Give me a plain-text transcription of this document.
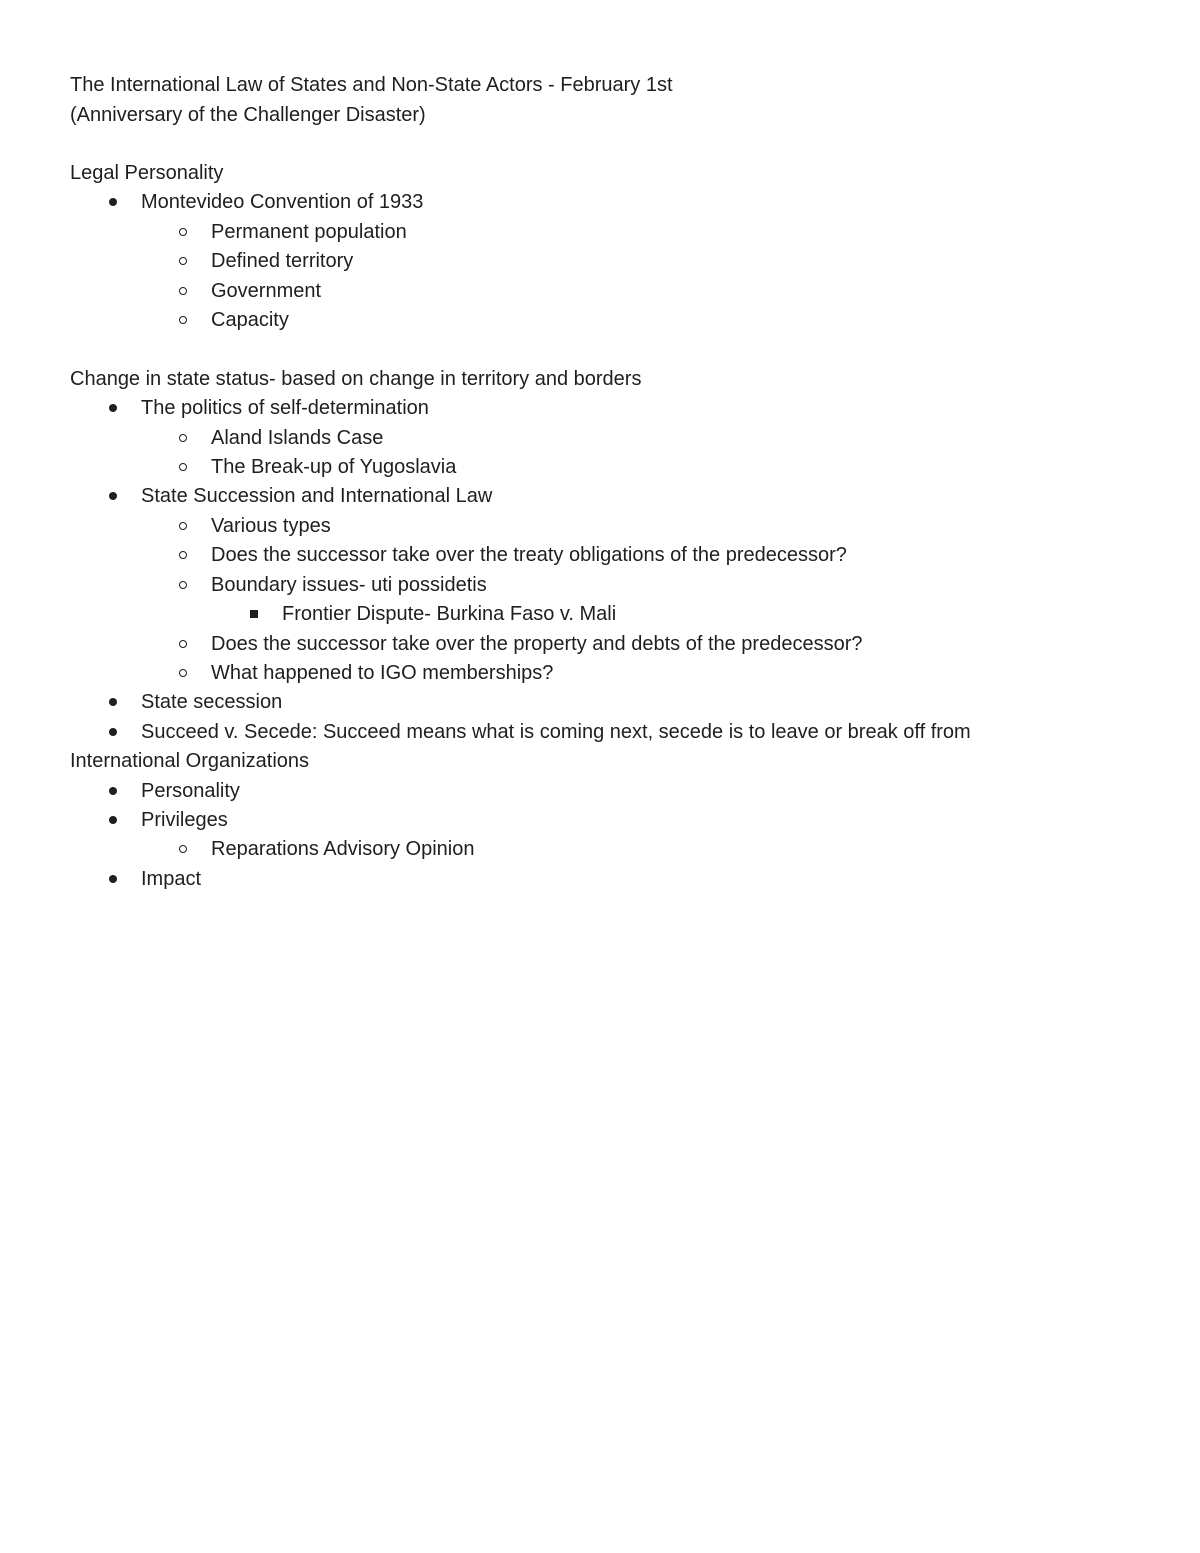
The International Law of States and Non-State Actors - February 1st
(Anniversary of the Challenger Disaster)
Legal Personality
Montevideo Convention of 1933
Permanent population
Defined territory
Government
Capacity
Change in state status- based on change in territory and borders
The politics of self-determination
Aland Islands Case
The Break-up of Yugoslavia
State Succession and International Law
Various types
Does the successor take over the treaty obligations of the predecessor?
Boundary issues- uti possidetis
Frontier Dispute- Burkina Faso v. Mali
Does the successor take over the property and debts of the predecessor?
What happened to IGO memberships?
State secession
Succeed v. Secede: Succeed means what is coming next, secede is to leave or break off from
International Organizations
Personality
Privileges
Reparations Advisory Opinion
Impact
